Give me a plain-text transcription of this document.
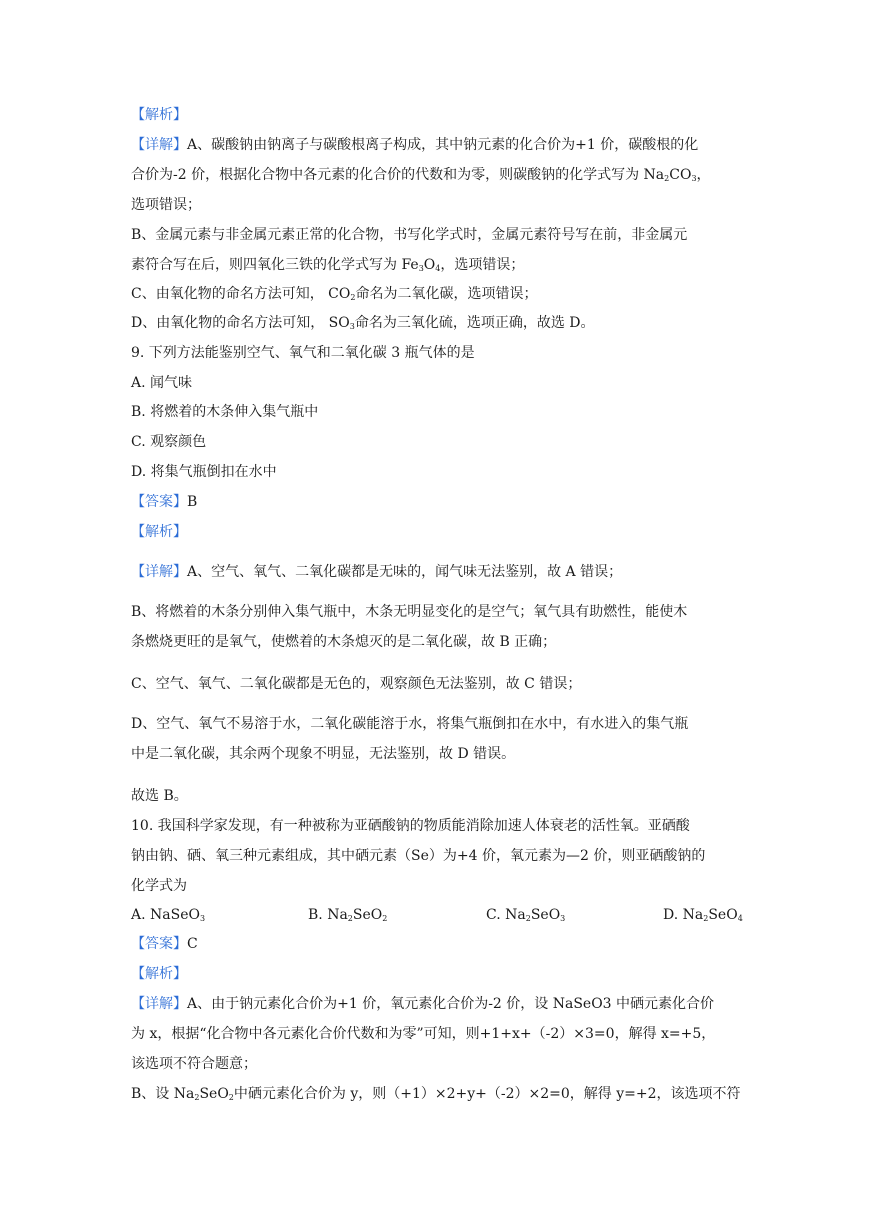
【解析】
【详解】A、碳酸钠由钠离子与碳酸根离子构成，其中钠元素的化合价为+1 价，碳酸根的化
合价为-2 价，根据化合物中各元素的化合价的代数和为零，则碳酸钠的化学式写为 $Na_2CO_3$，
选项错误；
B、金属元素与非金属元素正常的化合物，书写化学式时，金属元素符号写在前，非金属元
素符合写在后，则四氧化三铁的化学式写为 $Fe_3O_4$，选项错误；
C、由氧化物的命名方法可知， $CO_2$命名为二氧化碳，选项错误；
D、由氧化物的命名方法可知， $SO_3$命名为三氧化硫，选项正确，故选 D。
9. 下列方法能鉴别空气、氧气和二氧化碳 3 瓶气体的是
A. 闻气味
B. 将燃着的木条伸入集气瓶中
C. 观察颜色
D. 将集气瓶倒扣在水中
【答案】B
【解析】
【详解】A、空气、氧气、二氧化碳都是无味的，闻气味无法鉴别，故 A 错误；
B、将燃着的木条分别伸入集气瓶中，木条无明显变化的是空气；氧气具有助燃性，能使木
条燃烧更旺的是氧气，使燃着的木条熄灭的是二氧化碳，故 B 正确；
C、空气、氧气、二氧化碳都是无色的，观察颜色无法鉴别，故 C 错误；
D、空气、氧气不易溶于水，二氧化碳能溶于水，将集气瓶倒扣在水中，有水进入的集气瓶
中是二氧化碳，其余两个现象不明显，无法鉴别，故 D 错误。
故选 B。
10. 我国科学家发现，有一种被称为亚硒酸钠的物质能消除加速人体衰老的活性氧。亚硒酸
钠由钠、硒、氧三种元素组成，其中硒元素（Se）为+4 价，氧元素为—2 价，则亚硒酸钠的
化学式为
A. NaSeO$_3$	B. $Na_2SeO_2$	C. $Na_2SeO_3$	D. $Na_2SeO_4$
【答案】C
【解析】
【详解】A、由于钠元素化合价为+1 价，氧元素化合价为-2 价，设 NaSeO3 中硒元素化合价
为 x，根据“化合物中各元素化合价代数和为零”可知，则+1+x+（-2）×3=0，解得 x=+5，
该选项不符合题意；
B、设 $Na_2SeO_2$中硒元素化合价为 y，则（+1）×2+y+（-2）×2=0，解得 y=+2，该选项不符
